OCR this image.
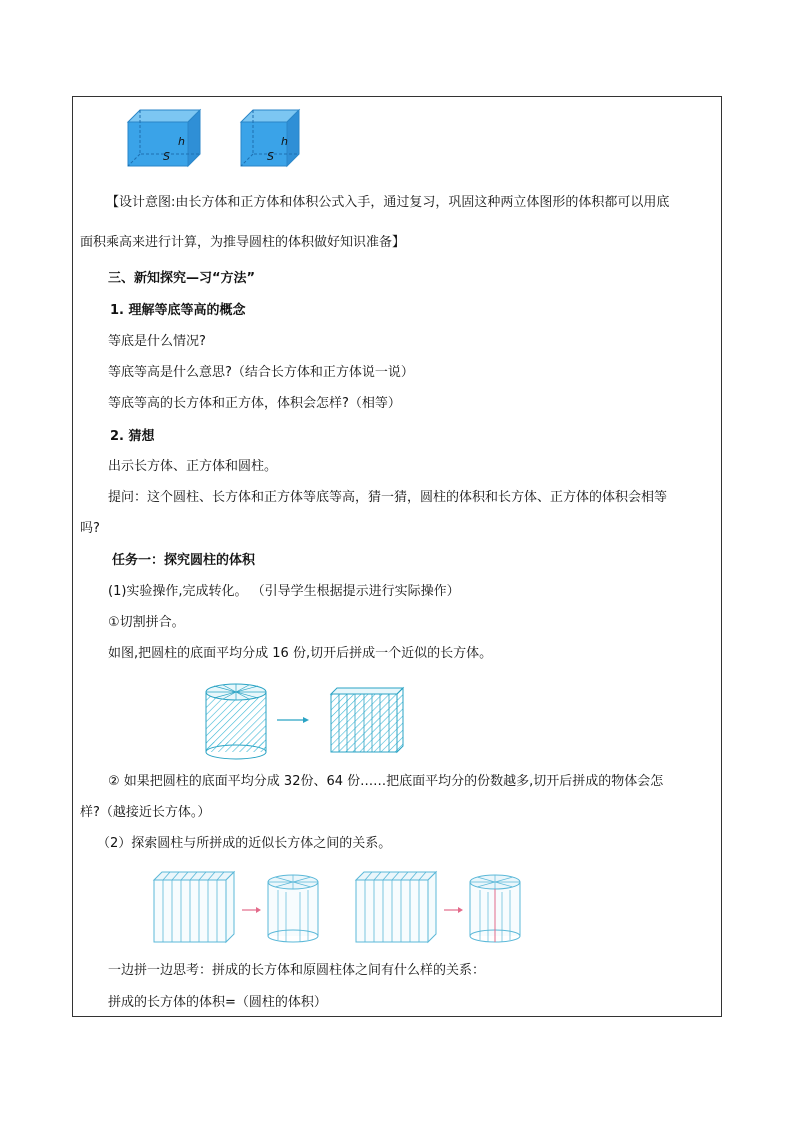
h
S
h
S
【设计意图:由长方体和正方体和体积公式入手，通过复习，巩固这种两立体图形的体积都可以用底
面积乘高来进行计算，为推导圆柱的体积做好知识准备】
三、新知探究—习“方法”
1. 理解等底等高的概念
等底是什么情况?
等底等高是什么意思?（结合长方体和正方体说一说）
等底等高的长方体和正方体，体积会怎样?（相等）
2. 猜想
出示长方体、正方体和圆柱。
提问：这个圆柱、长方体和正方体等底等高，猜一猜，圆柱的体积和长方体、正方体的体积会相等
吗?
任务一：探究圆柱的体积
(1)实验操作,完成转化。 （引导学生根据提示进行实际操作）
①切割拼合。
如图,把圆柱的底面平均分成 16 份,切开后拼成一个近似的长方体。
② 如果把圆柱的底面平均分成 32份、64 份……把底面平均分的份数越多,切开后拼成的物体会怎
样?（越接近长方体。）
（2）探索圆柱与所拼成的近似长方体之间的关系。
一边拼一边思考：拼成的长方体和原圆柱体之间有什么样的关系：
拼成的长方体的体积=（圆柱的体积）
